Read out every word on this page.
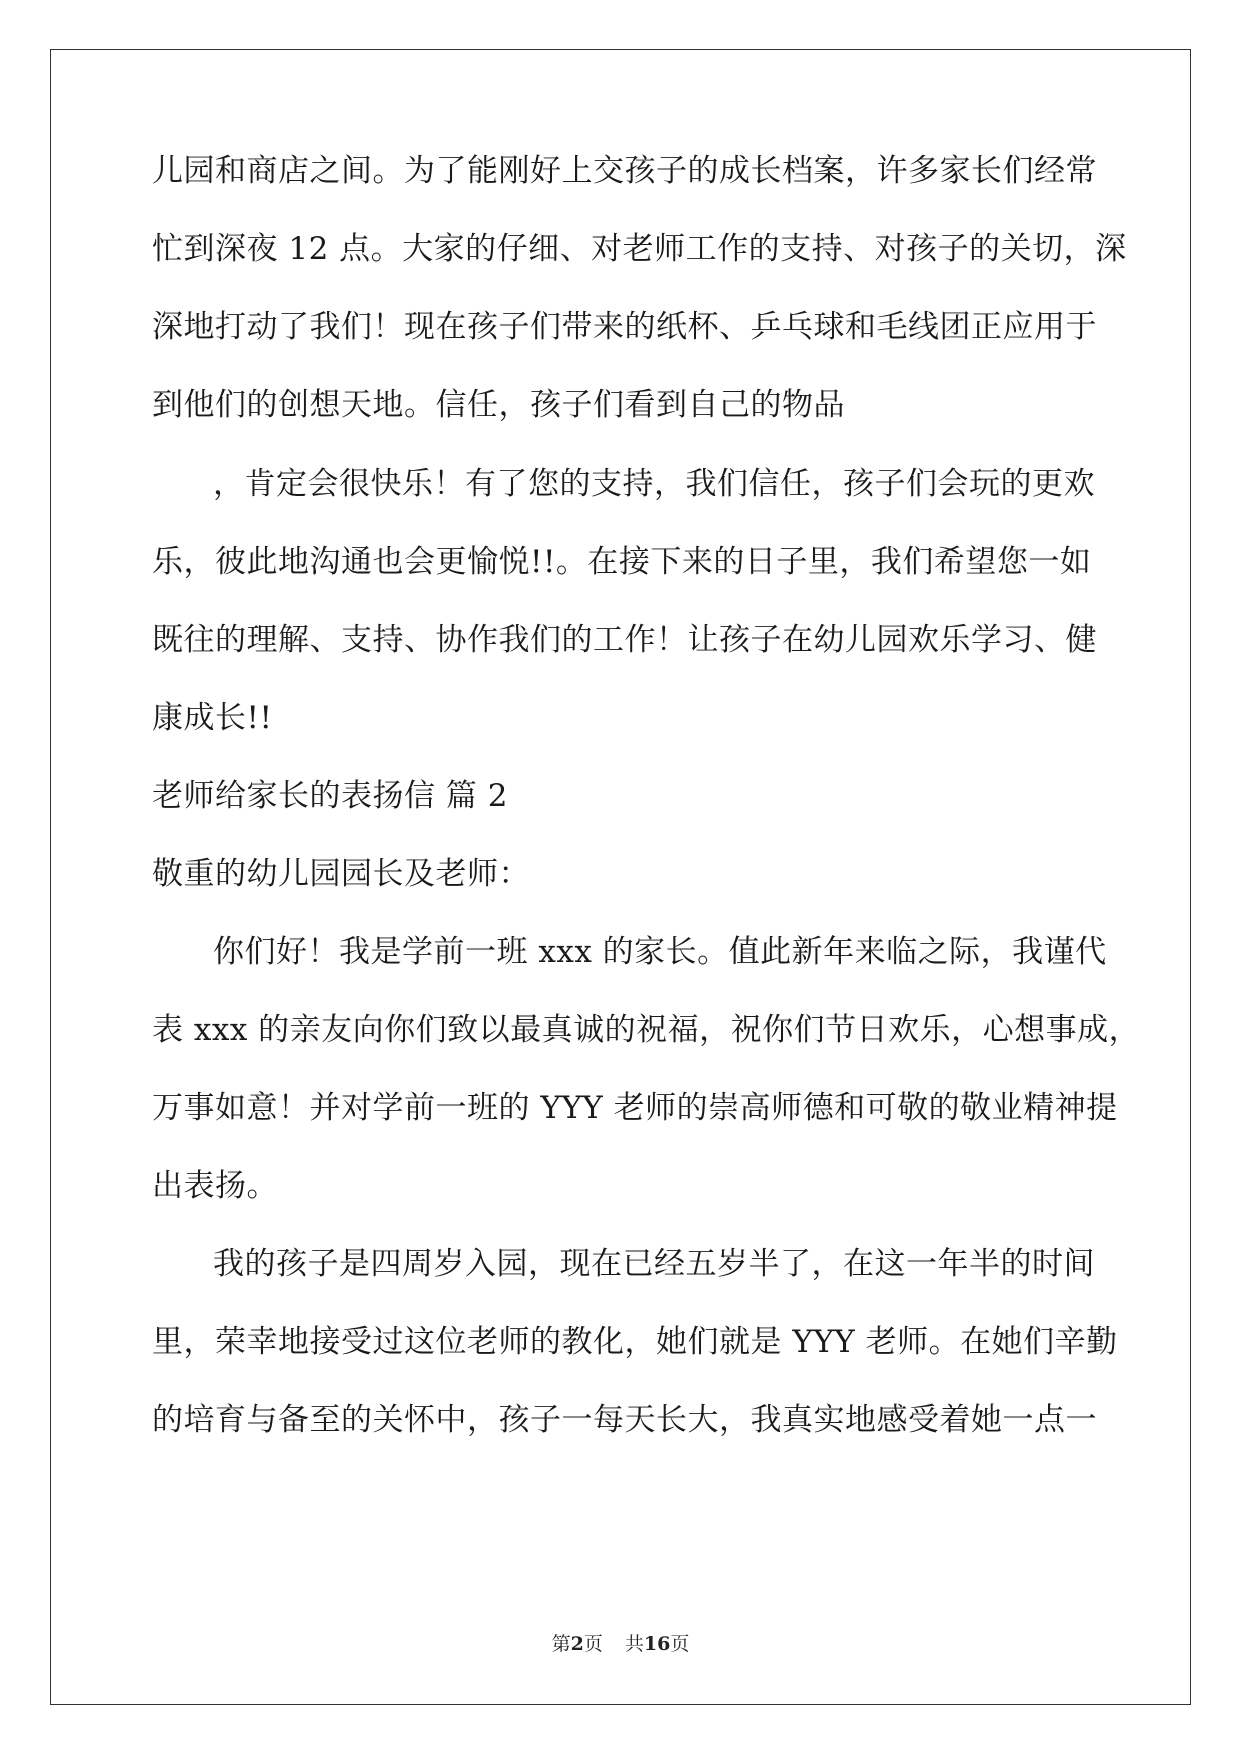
儿园和商店之间。为了能刚好上交孩子的成长档案，许多家长们经常

忙到深夜 12 点。大家的仔细、对老师工作的支持、对孩子的关切，深

深地打动了我们！现在孩子们带来的纸杯、乒乓球和毛线团正应用于

到他们的创想天地。信任，孩子们看到自己的物品

，肯定会很快乐！有了您的支持，我们信任，孩子们会玩的更欢

乐，彼此地沟通也会更愉悦!!。在接下来的日子里，我们希望您一如

既往的理解、支持、协作我们的工作！让孩子在幼儿园欢乐学习、健

康成长!!

老师给家长的表扬信 篇 2

敬重的幼儿园园长及老师：

你们好！我是学前一班 xxx 的家长。值此新年来临之际，我谨代

表 xxx 的亲友向你们致以最真诚的祝福，祝你们节日欢乐，心想事成，

万事如意！并对学前一班的 YYY 老师的崇高师德和可敬的敬业精神提

出表扬。

我的孩子是四周岁入园，现在已经五岁半了，在这一年半的时间

里，荣幸地接受过这位老师的教化，她们就是 YYY 老师。在她们辛勤

的培育与备至的关怀中，孩子一每天长大，我真实地感受着她一点一

第2页 共16页
